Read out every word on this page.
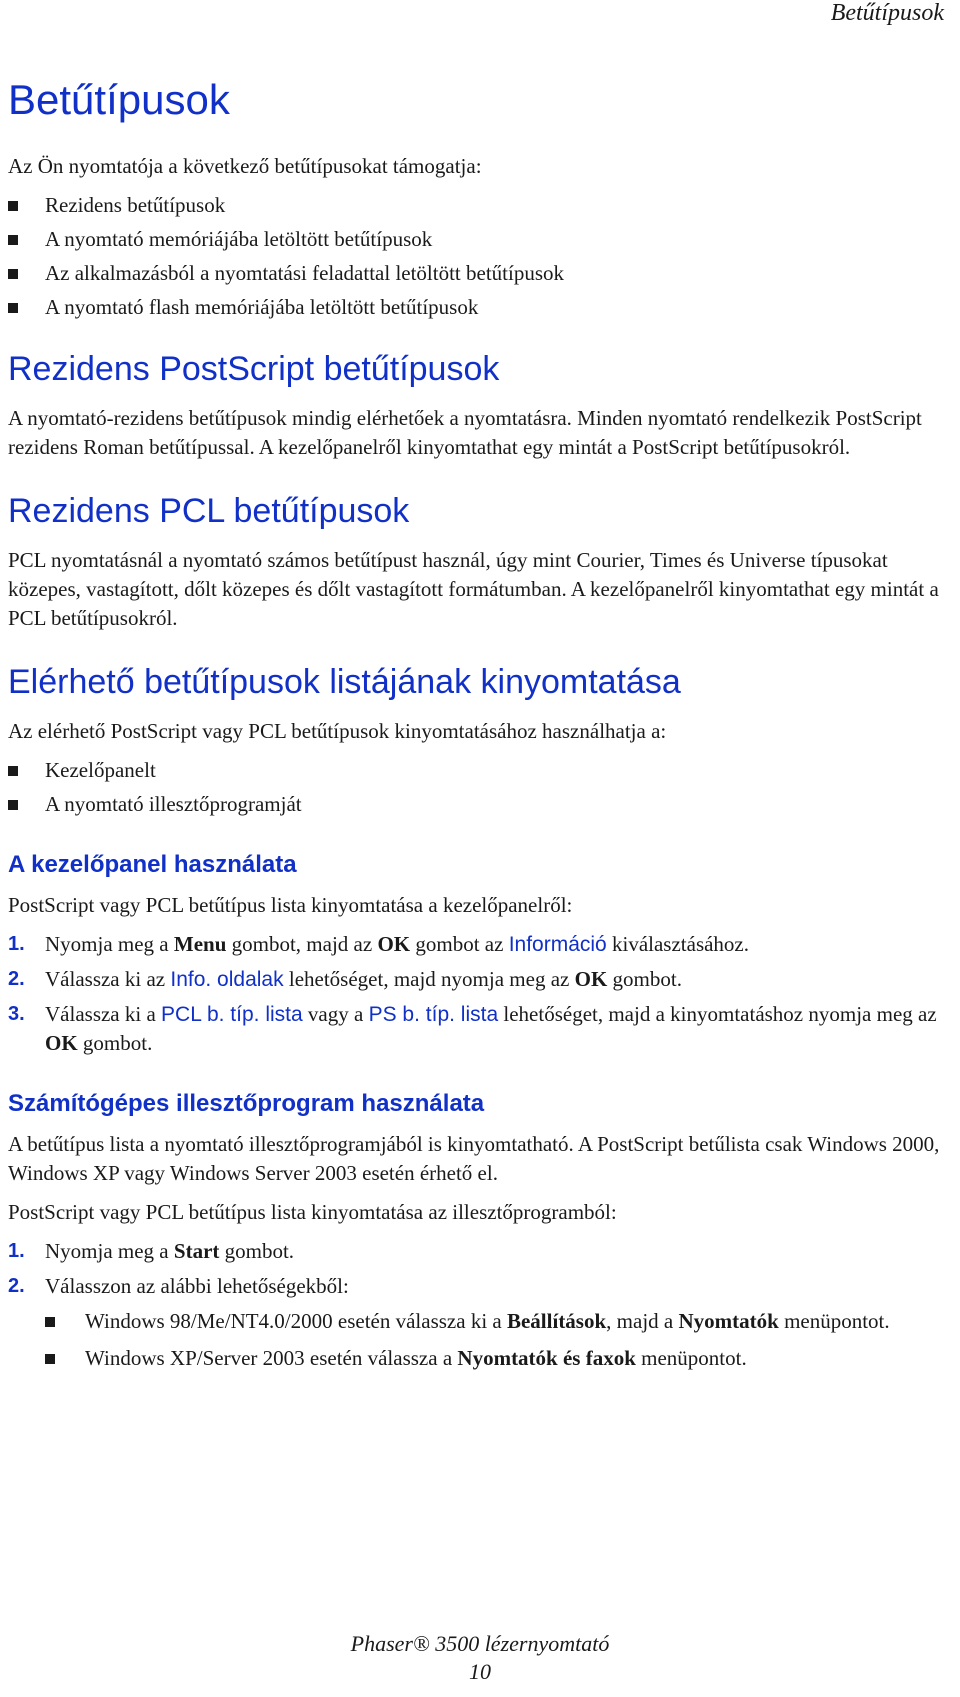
Betűtípusok
Betűtípusok

Az Ön nyomtatója a következő betűtípusokat támogatja:

Rezidens betűtípusok
A nyomtató memóriájába letöltött betűtípusok
Az alkalmazásból a nyomtatási feladattal letöltött betűtípusok
A nyomtató flash memóriájába letöltött betűtípusok
Rezidens PostScript betűtípusok

A nyomtató-rezidens betűtípusok mindig elérhetőek a nyomtatásra. Minden nyomtató rendelkezik PostScript rezidens Roman betűtípussal. A kezelőpanelről kinyomtathat egy mintát a PostScript betűtípusokról.

Rezidens PCL betűtípusok

PCL nyomtatásnál a nyomtató számos betűtípust használ, úgy mint Courier, Times és Universe típusokat közepes, vastagított, dőlt közepes és dőlt vastagított formátumban. A kezelőpanelről kinyomtathat egy mintát a PCL betűtípusokról.

Elérhető betűtípusok listájának kinyomtatása

Az elérhető PostScript vagy PCL betűtípusok kinyomtatásához használhatja a:

Kezelőpanelt
A nyomtató illesztőprogramját
A kezelőpanel használata

PostScript vagy PCL betűtípus lista kinyomtatása a kezelőpanelről:

1. Nyomja meg a Menu gombot, majd az OK gombot az Információ kiválasztásához.
2. Válassza ki az Info. oldalak lehetőséget, majd nyomja meg az OK gombot.
3. Válassza ki a PCL b. típ. lista vagy a PS b. típ. lista lehetőséget, majd a kinyomtatáshoz nyomja meg az OK gombot.
Számítógépes illesztőprogram használata

A betűtípus lista a nyomtató illesztőprogramjából is kinyomtatható. A PostScript betűlista csak Windows 2000, Windows XP vagy Windows Server 2003 esetén érhető el.

PostScript vagy PCL betűtípus lista kinyomtatása az illesztőprogramból:

1. Nyomja meg a Start gombot.
2. Válasszon az alábbi lehetőségekből:
Windows 98/Me/NT4.0/2000 esetén válassza ki a Beállítások, majd a Nyomtatók menüpontot.
Windows XP/Server 2003 esetén válassza a Nyomtatók és faxok menüpontot.
Phaser® 3500 lézernyomtató
10
